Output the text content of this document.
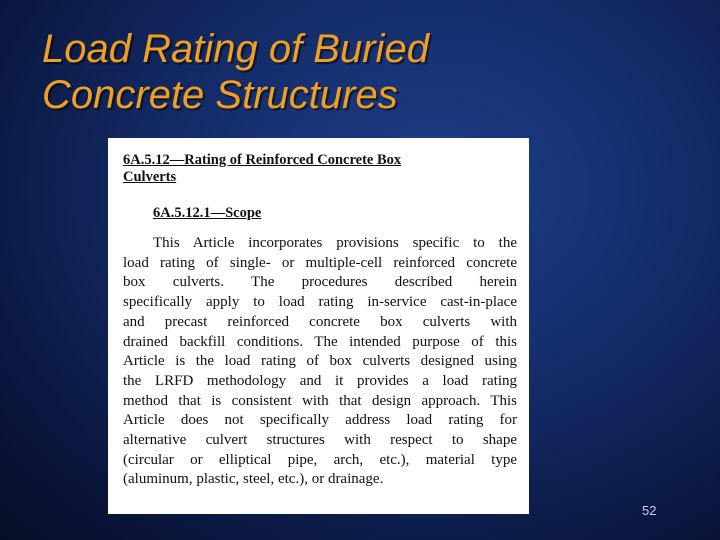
Load Rating of Buried
Concrete Structures
6A.5.12—Rating of Reinforced Concrete Box
Culverts
6A.5.12.1—Scope
This Article incorporates provisions specific to the
load rating of single- or multiple-cell reinforced concrete
box culverts. The procedures described herein
specifically apply to load rating in-service cast-in-place
and precast reinforced concrete box culverts with
drained backfill conditions. The intended purpose of this
Article is the load rating of box culverts designed using
the LRFD methodology and it provides a load rating
method that is consistent with that design approach. This
Article does not specifically address load rating for
alternative culvert structures with respect to shape
(circular or elliptical pipe, arch, etc.), material type
(aluminum, plastic, steel, etc.), or drainage.
52
